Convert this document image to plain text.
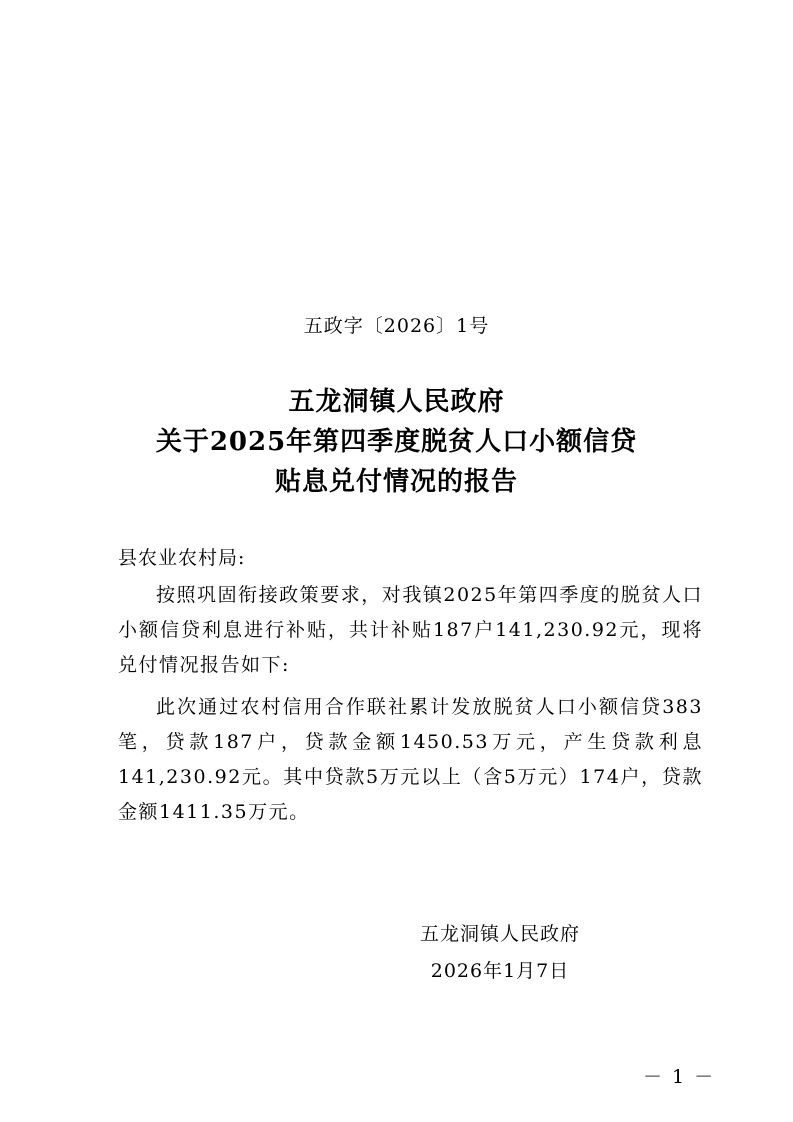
五政字〔2026〕1号
五龙洞镇人民政府
关于2025年第四季度脱贫人口小额信贷
贴息兑付情况的报告
县农业农村局:
按照巩固衔接政策要求，对我镇2025年第四季度的脱贫人口小额信贷利息进行补贴，共计补贴187户141,230.92元，现将兑付情况报告如下:
此次通过农村信用合作联社累计发放脱贫人口小额信贷383笔，贷款187户，贷款金额1450.53万元，产生贷款利息141,230.92元。其中贷款5万元以上（含5万元）174户，贷款金额1411.35万元。
五龙洞镇人民政府
2026年1月7日
－ 1 －
